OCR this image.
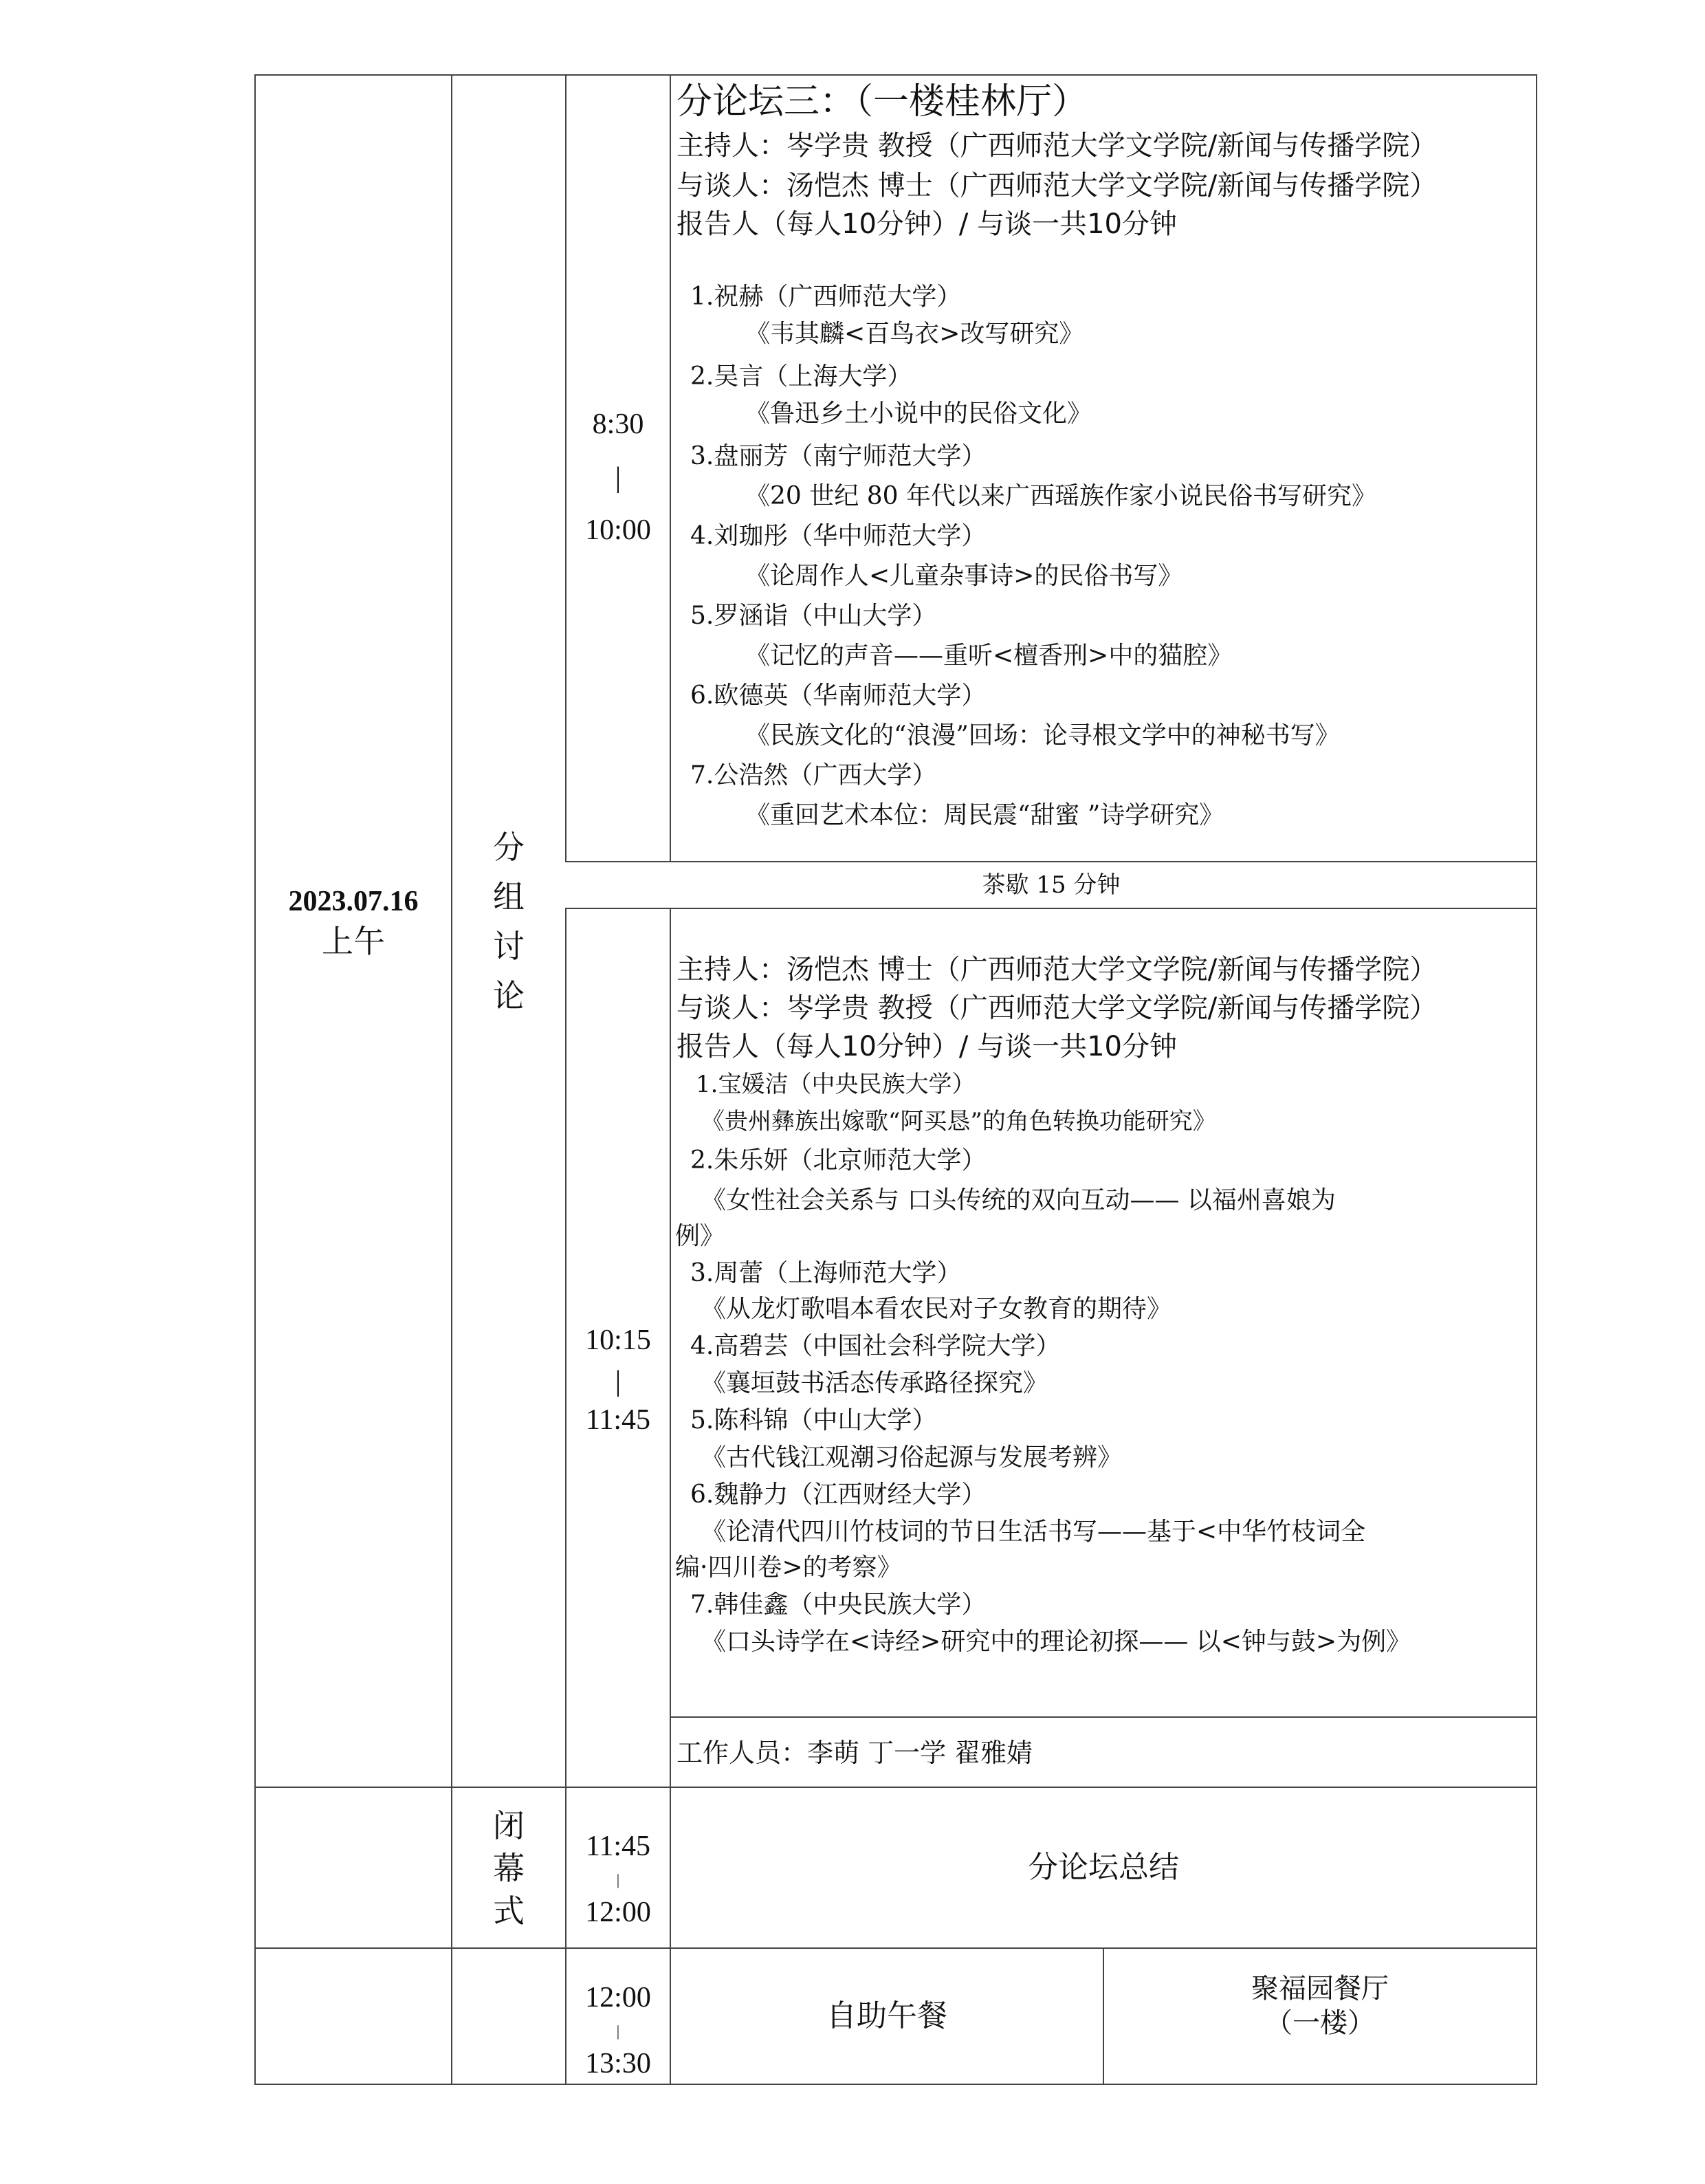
2023.07.16
上午
分
组
讨
论
闭
幕
式
8:30
|
10:00
10:15
|
11:45
11:45
|
12:00
12:00
|
13:30
分论坛三：（一楼桂林厅）
主持人：岑学贵 教授（广西师范大学文学院/新闻与传播学院）
与谈人：汤恺杰 博士（广西师范大学文学院/新闻与传播学院）
报告人（每人10分钟）/ 与谈一共10分钟
1.祝赫（广西师范大学）
《韦其麟<百鸟衣>改写研究》
2.吴言（上海大学）
《鲁迅乡土小说中的民俗文化》
3.盘丽芳（南宁师范大学）
《20 世纪 80 年代以来广西瑶族作家小说民俗书写研究》
4.刘珈彤（华中师范大学）
《论周作人<儿童杂事诗>的民俗书写》
5.罗涵诣（中山大学）
《记忆的声音——重听<檀香刑>中的猫腔》
6.欧德英（华南师范大学）
《民族文化的“浪漫”回场：论寻根文学中的神秘书写》
7.公浩然（广西大学）
《重回艺术本位：周民震“甜蜜 ”诗学研究》
茶歇 15 分钟
主持人：汤恺杰 博士（广西师范大学文学院/新闻与传播学院）
与谈人：岑学贵 教授（广西师范大学文学院/新闻与传播学院）
报告人（每人10分钟）/ 与谈一共10分钟
1.宝媛洁（中央民族大学）
《贵州彝族出嫁歌“阿买恳”的角色转换功能研究》
2.朱乐妍（北京师范大学）
《女性社会关系与 口头传统的双向互动—— 以福州喜娘为
例》
3.周蕾（上海师范大学）
《从龙灯歌唱本看农民对子女教育的期待》
4.高碧芸（中国社会科学院大学）
《襄垣鼓书活态传承路径探究》
5.陈科锦（中山大学）
《古代钱江观潮习俗起源与发展考辨》
6.魏静力（江西财经大学）
《论清代四川竹枝词的节日生活书写——基于<中华竹枝词全
编·四川卷>的考察》
7.韩佳鑫（中央民族大学）
《口头诗学在<诗经>研究中的理论初探—— 以<钟与鼓>为例》
工作人员：李萌 丁一学 翟雅婧
分论坛总结
自助午餐
聚福园餐厅
（一楼）
